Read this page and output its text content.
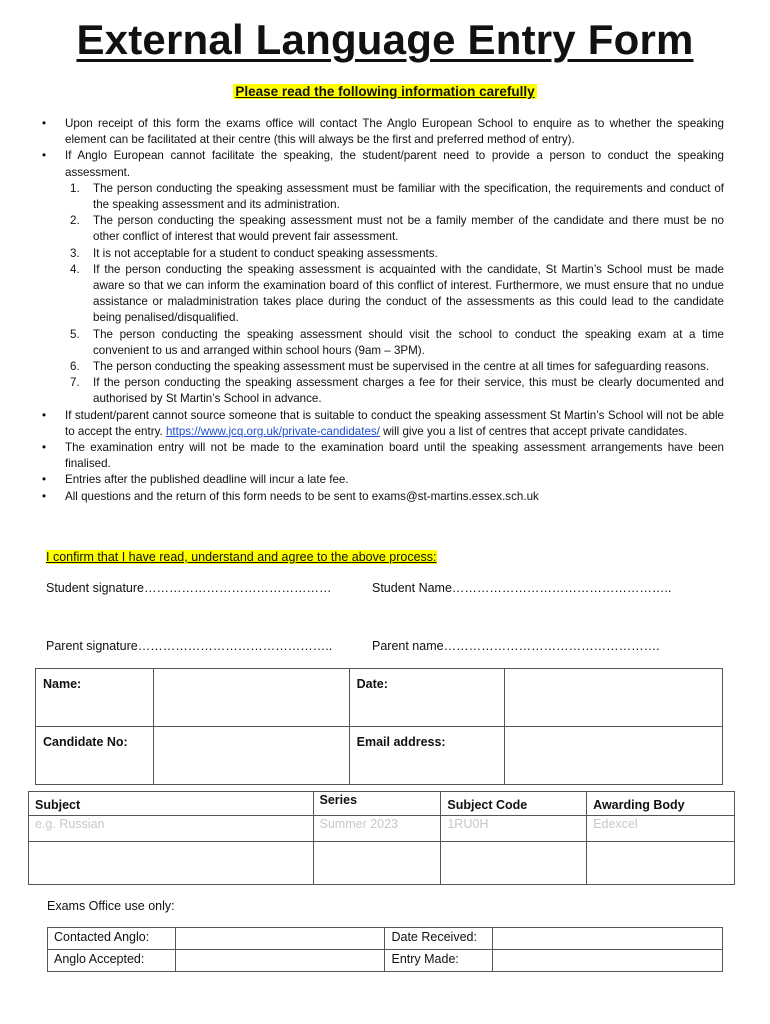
External Language Entry Form
Please read the following information carefully
• Upon receipt of this form the exams office will contact The Anglo European School to enquire as to whether the speaking element can be facilitated at their centre (this will always be the first and preferred method of entry).
• If Anglo European cannot facilitate the speaking, the student/parent need to provide a person to conduct the speaking assessment.
1. The person conducting the speaking assessment must be familiar with the specification, the requirements and conduct of the speaking assessment and its administration.
2. The person conducting the speaking assessment must not be a family member of the candidate and there must be no other conflict of interest that would prevent fair assessment.
3. It is not acceptable for a student to conduct speaking assessments.
4. If the person conducting the speaking assessment is acquainted with the candidate, St Martin’s School must be made aware so that we can inform the examination board of this conflict of interest. Furthermore, we must ensure that no undue assistance or maladministration takes place during the conduct of the assessments as this could lead to the candidate being penalised/disqualified.
5. The person conducting the speaking assessment should visit the school to conduct the speaking exam at a time convenient to us and arranged within school hours (9am – 3PM).
6. The person conducting the speaking assessment must be supervised in the centre at all times for safeguarding reasons.
7. If the person conducting the speaking assessment charges a fee for their service, this must be clearly documented and authorised by St Martin’s School in advance.
• If student/parent cannot source someone that is suitable to conduct the speaking assessment St Martin’s School will not be able to accept the entry. https://www.jcq.org.uk/private-candidates/ will give you a list of centres that accept private candidates.
• The examination entry will not be made to the examination board until the speaking assessment arrangements have been finalised.
• Entries after the published deadline will incur a late fee.
• All questions and the return of this form needs to be sent to exams@st-martins.essex.sch.uk
I confirm that I have read, understand and agree to the above process:
Student signature………………………………………	Student Name……………………………………………..
Parent signature………………………………………..	Parent name…………………………………………….
Name:		Date:	
Candidate No:		Email address:	
Subject	Series	Subject Code	Awarding Body
e.g. Russian	Summer 2023	1RU0H	Edexcel

Exams Office use only:
Contacted Anglo:		Date Received:	
Anglo Accepted:		Entry Made:	
